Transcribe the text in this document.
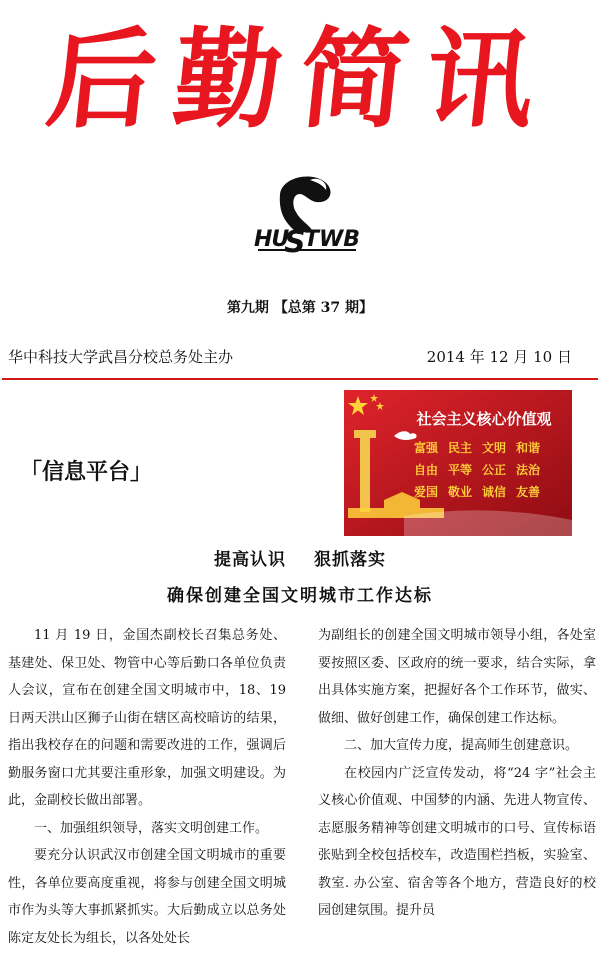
后勤简讯
HU
S
TWB
第九期 【总第 37 期】
华中科技大学武昌分校总务处主办	2014 年 12 月 10 日
「信息平台」
社会主义核心价值观
富强 民主 文明 和谐
自由 平等 公正 法治
爱国 敬业 诚信 友善
提高认识 狠抓落实
确保创建全国文明城市工作达标

11 月 19 日，金国杰副校长召集总务处、基建处、保卫处、物管中心等后勤口各单位负责人会议，宣布在创建全国文明城市中，18、19 日两天洪山区狮子山街在辖区高校暗访的结果，指出我校存在的问题和需要改进的工作，强调后勤服务窗口尤其要注重形象，加强文明建设。为此，金副校长做出部署。

一、加强组织领导，落实文明创建工作。

要充分认识武汉市创建全国文明城市的重要性，各单位要高度重视，将参与创建全国文明城市作为头等大事抓紧抓实。大后勤成立以总务处陈定友处长为组长，以各处处长

为副组长的创建全国文明城市领导小组，各处室要按照区委、区政府的统一要求，结合实际，拿出具体实施方案，把握好各个工作环节，做实、做细、做好创建工作，确保创建工作达标。

二、加大宣传力度，提高师生创建意识。

在校园内广泛宣传发动，将“24 字”社会主义核心价值观、中国梦的内涵、先进人物宣传、志愿服务精神等创建文明城市的口号、宣传标语张贴到全校包括校车，改造围栏挡板，实验室、教室. 办公室、宿舍等各个地方，营造良好的校园创建氛围。提升员
